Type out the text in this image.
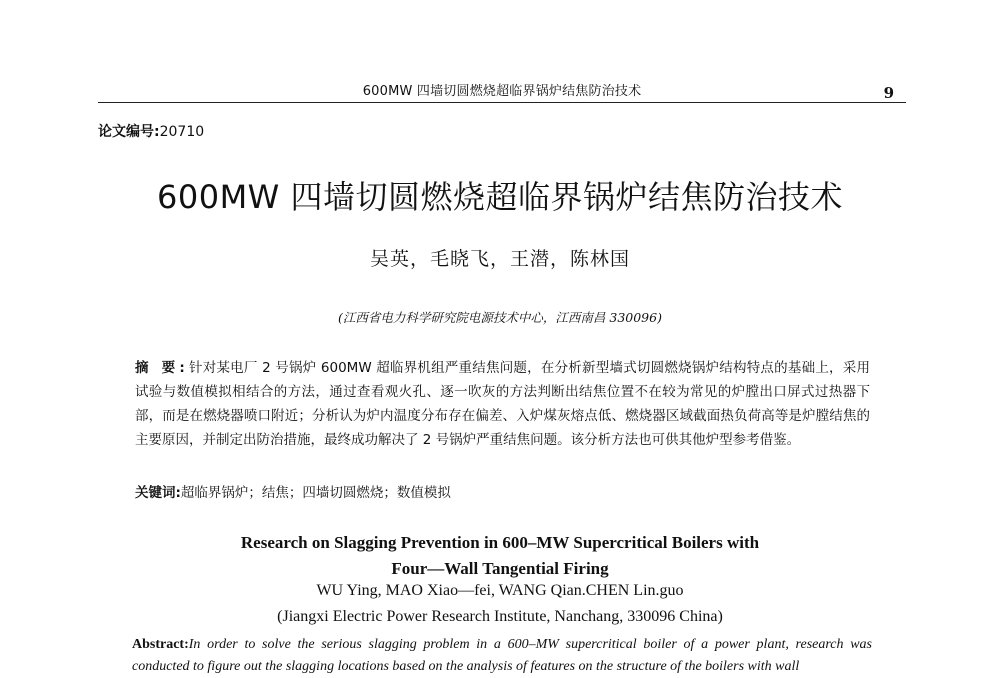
600MW 四墙切圆燃烧超临界锅炉结焦防治技术	9
论文编号:20710
600MW 四墙切圆燃烧超临界锅炉结焦防治技术
吴英，毛晓飞，王潜，陈林国
(江西省电力科学研究院电源技术中心，江西南昌 330096)
摘 要:针对某电厂 2 号锅炉 600MW 超临界机组严重结焦问题，在分析新型墙式切圆燃烧锅炉结构特点的基础上，采用试验与数值模拟相结合的方法，通过查看观火孔、逐一吹灰的方法判断出结焦位置不在较为常见的炉膛出口屏式过热器下部，而是在燃烧器喷口附近；分析认为炉内温度分布存在偏差、入炉煤灰熔点低、燃烧器区域截面热负荷高等是炉膛结焦的主要原因，并制定出防治措施，最终成功解决了 2 号锅炉严重结焦问题。该分析方法也可供其他炉型参考借鉴。
关键词:超临界锅炉；结焦；四墙切圆燃烧；数值模拟
Research on Slagging Prevention in 600–MW Supercritical Boilers with
Four—Wall Tangential Firing
WU Ying, MAO Xiao—fei, WANG Qian.CHEN Lin.guo
(Jiangxi Electric Power Research Institute, Nanchang, 330096 China)
Abstract:In order to solve the serious slagging problem in a 600–MW supercritical boiler of a power plant, research was conducted to figure out the slagging locations based on the analysis of features on the structure of the boilers with wall
